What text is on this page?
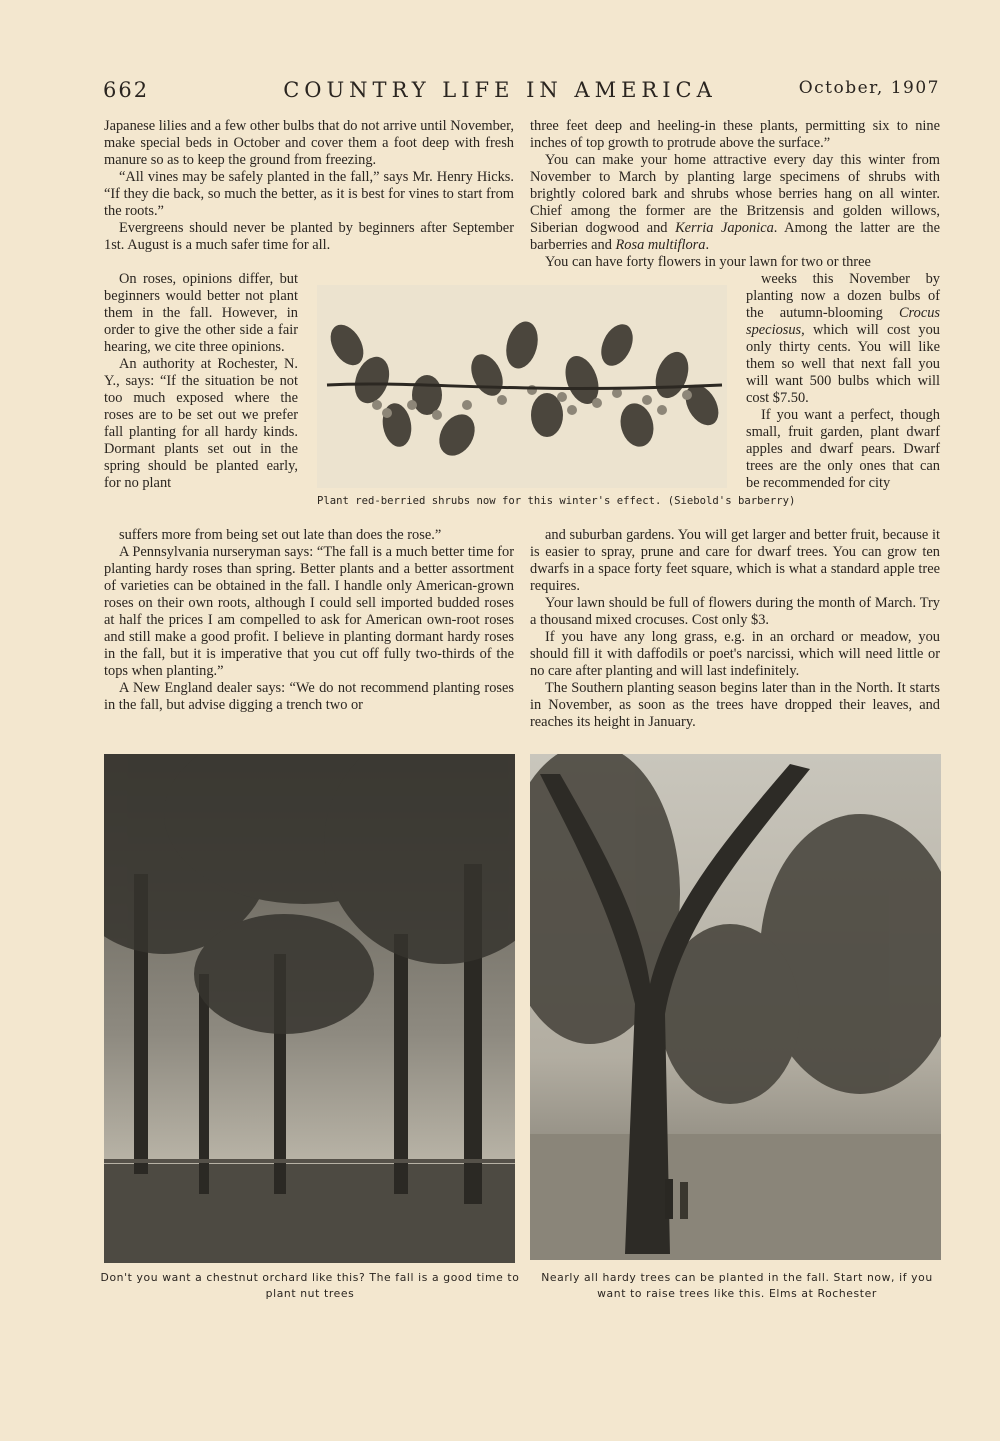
662	COUNTRY LIFE IN AMERICA	October, 1907

Japanese lilies and a few other bulbs that do not arrive until November, make special beds in October and cover them a foot deep with fresh manure so as to keep the ground from freezing.

“All vines may be safely planted in the fall,” says Mr. Henry Hicks. “If they die back, so much the better, as it is best for vines to start from the roots.”

Evergreens should never be planted by beginners after September 1st. August is a much safer time for all.

On roses, opinions differ, but beginners would better not plant them in the fall. However, in order to give the other side a fair hearing, we cite three opinions.

An authority at Rochester, N. Y., says: “If the situation be not too much exposed where the roses are to be set out we prefer fall planting for all hardy kinds. Dormant plants set out in the spring should be planted early, for no plant

suffers more from being set out late than does the rose.”

A Pennsylvania nurseryman says: “The fall is a much better time for planting hardy roses than spring. Better plants and a better assortment of varieties can be obtained in the fall. I handle only American-grown roses on their own roots, although I could sell imported budded roses at half the prices I am compelled to ask for American own-root roses and still make a good profit. I believe in planting dormant hardy roses in the fall, but it is imperative that you cut off fully two-thirds of the tops when planting.”

A New England dealer says: “We do not recommend planting roses in the fall, but advise digging a trench two or

three feet deep and heeling-in these plants, permitting six to nine inches of top growth to protrude above the surface.”

You can make your home attractive every day this winter from November to March by planting large specimens of shrubs with brightly colored bark and shrubs whose berries hang on all winter. Chief among the former are the Britzensis and golden willows, Siberian dogwood and Kerria Japonica. Among the latter are the barberries and Rosa multiflora.

You can have forty flowers in your lawn for two or three

weeks this November by planting now a dozen bulbs of the autumn-blooming Crocus speciosus, which will cost you only thirty cents. You will like them so well that next fall you will want 500 bulbs which will cost $7.50.

If you want a perfect, though small, fruit garden, plant dwarf apples and dwarf pears. Dwarf trees are the only ones that can be recommended for city

and suburban gardens. You will get larger and better fruit, because it is easier to spray, prune and care for dwarf trees. You can grow ten dwarfs in a space forty feet square, which is what a standard apple tree requires.

Your lawn should be full of flowers during the month of March. Try a thousand mixed crocuses. Cost only $3.

If you have any long grass, e.g. in an orchard or meadow, you should fill it with daffodils or poet's narcissi, which will need little or no care after planting and will last indefinitely.

The Southern planting season begins later than in the North. It starts in November, as soon as the trees have dropped their leaves, and reaches its height in January.

Plant red-berried shrubs now for this winter's effect. (Siebold's barberry)
Don't you want a chestnut orchard like this? The fall is a good time to plant nut trees
Nearly all hardy trees can be planted in the fall. Start now, if you want to raise trees like this. Elms at Rochester
